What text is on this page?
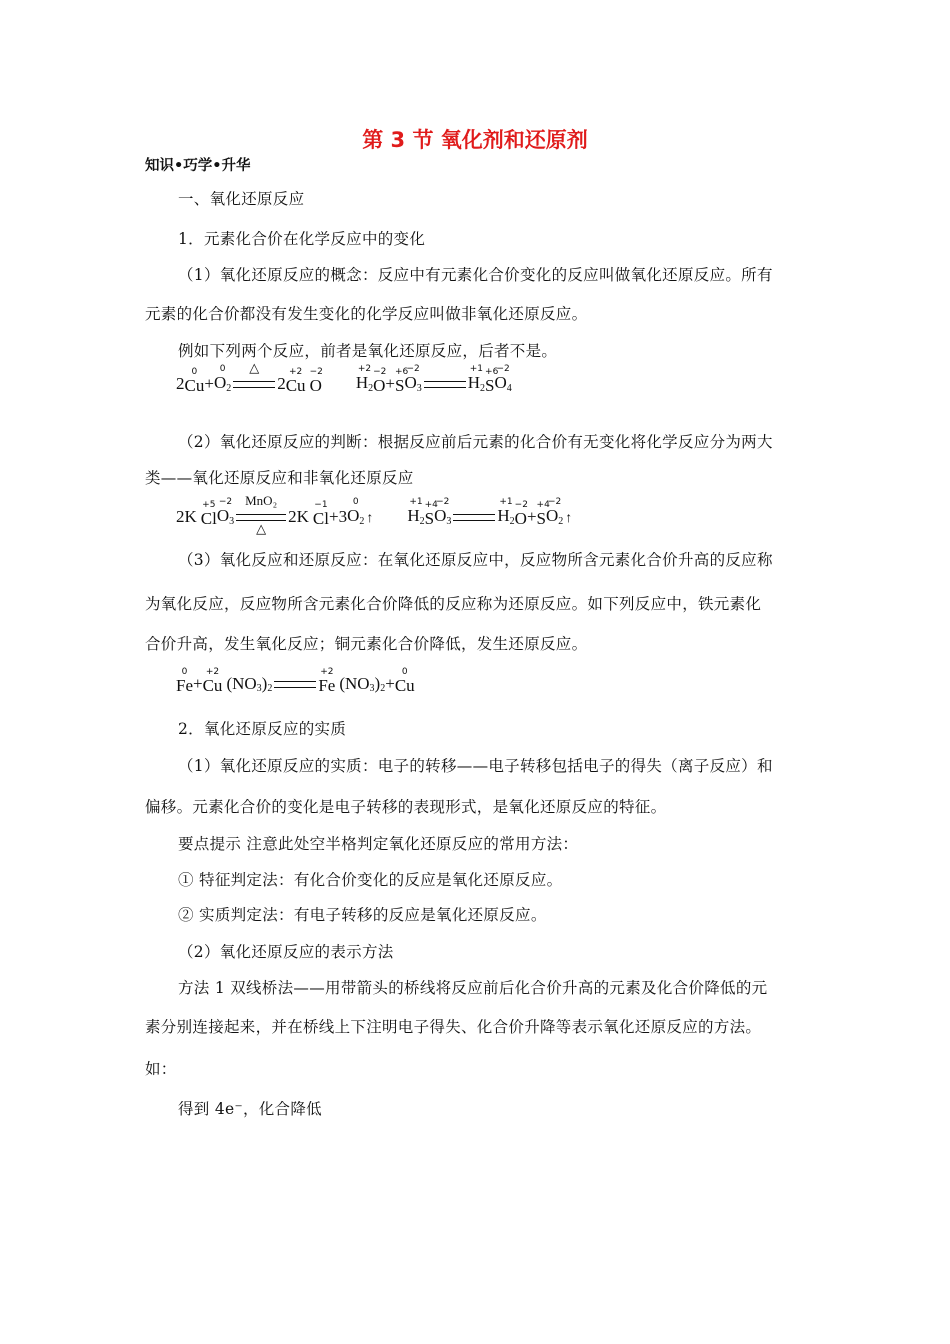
第 3 节 氧化剂和还原剂
知识•巧学•升华
一、氧化还原反应
1．元素化合价在化学反应中的变化
（1）氧化还原反应的概念：反应中有元素化合价变化的反应叫做氧化还原反应。所有
元素的化合价都没有发生变化的化学反应叫做非氧化还原反应。
例如下列两个反应，前者是氧化还原反应，后者不是。
2
0
Cu +
0
$O_2$
△
2
+2
Cu
−2
O
+2
$H_2$
−2
O +
+6
S
−2
$O_3$
+1
$H_2$
+6
S
−2
$O_4$
（2）氧化还原反应的判断：根据反应前后元素的化合价有无变化将化学反应分为两大
类——氧化还原反应和非氧化还原反应
2K
+5
Cl
−2
$O_3$
MnO₂
△
2K
−1
Cl + 3
0
$O_2$ ↑
+1
$H_2$
+4
S
−2
$O_3$
+1
$H_2$
−2
O +
+4
S
−2
$O_2$ ↑
（3）氧化反应和还原反应：在氧化还原反应中，反应物所含元素化合价升高的反应称
为氧化反应，反应物所含元素化合价降低的反应称为还原反应。如下列反应中，铁元素化
合价升高，发生氧化反应；铜元素化合价降低，发生还原反应。
0
Fe +
+2
Cu ($NO_3$ )$_2$
+2
Fe ($NO_3$ )$_2$ +
0
Cu
2．氧化还原反应的实质
（1）氧化还原反应的实质：电子的转移——电子转移包括电子的得失（离子反应）和
偏移。元素化合价的变化是电子转移的表现形式，是氧化还原反应的特征。
要点提示 注意此处空半格判定氧化还原反应的常用方法：
① 特征判定法：有化合价变化的反应是氧化还原反应。
② 实质判定法：有电子转移的反应是氧化还原反应。
（2）氧化还原反应的表示方法
方法 1 双线桥法——用带箭头的桥线将反应前后化合价升高的元素及化合价降低的元
素分别连接起来，并在桥线上下注明电子得失、化合价升降等表示氧化还原反应的方法。
如：
得到 4e⁻，化合降低
